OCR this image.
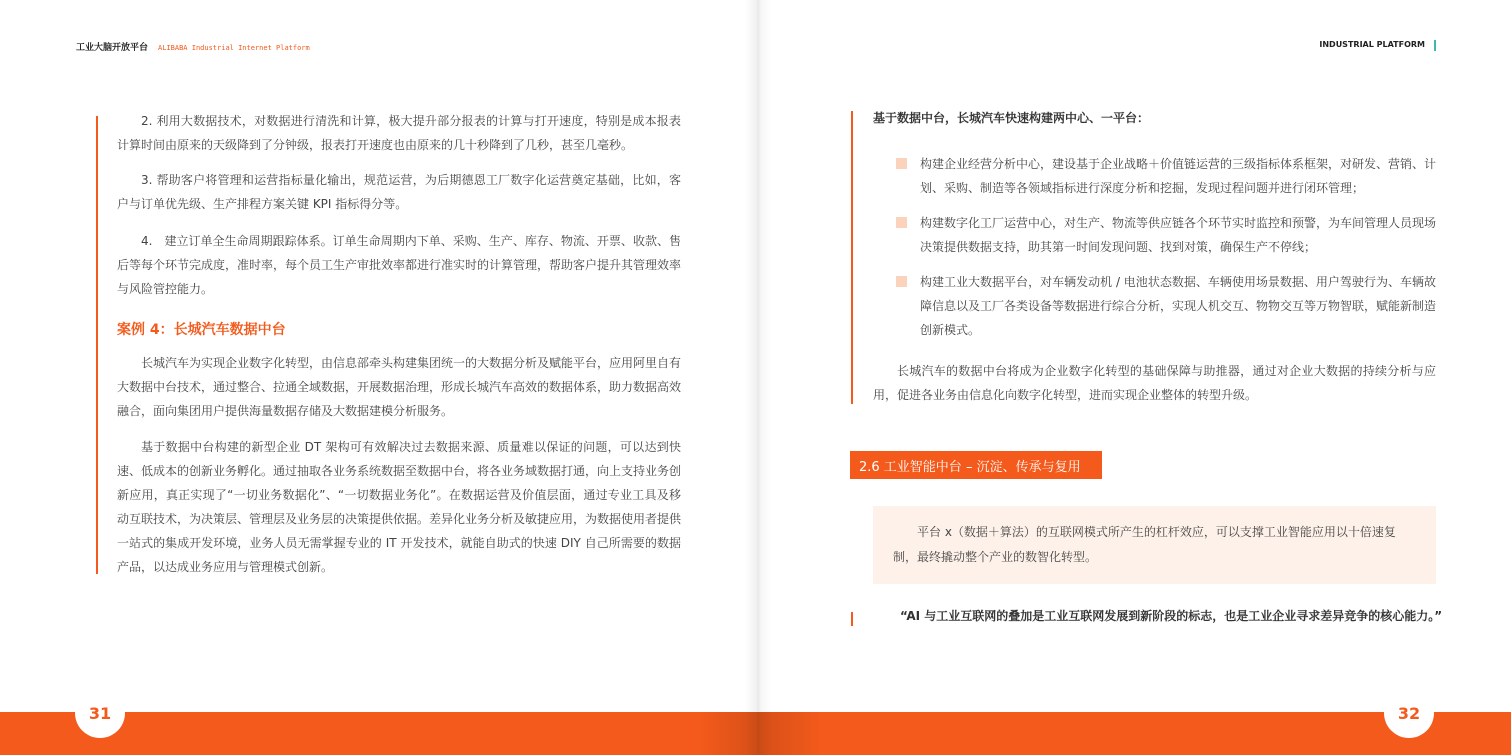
工业大脑开放平台 ALIBABA Industrial Internet Platform
2. 利用大数据技术，对数据进行清洗和计算，极大提升部分报表的计算与打开速度，特别是成本报表计算时间由原来的天级降到了分钟级，报表打开速度也由原来的几十秒降到了几秒，甚至几毫秒。
3. 帮助客户将管理和运营指标量化输出，规范运营，为后期德恩工厂数字化运营奠定基础，比如，客户与订单优先级、生产排程方案关键 KPI 指标得分等。
4.　建立订单全生命周期跟踪体系。订单生命周期内下单、采购、生产、库存、物流、开票、收款、售后等每个环节完成度，准时率，每个员工生产审批效率都进行准实时的计算管理，帮助客户提升其管理效率与风险管控能力。
案例 4：长城汽车数据中台
长城汽车为实现企业数字化转型，由信息部牵头构建集团统一的大数据分析及赋能平台，应用阿里自有大数据中台技术，通过整合、拉通全域数据，开展数据治理，形成长城汽车高效的数据体系，助力数据高效融合，面向集团用户提供海量数据存储及大数据建模分析服务。
基于数据中台构建的新型企业 DT 架构可有效解决过去数据来源、质量难以保证的问题，可以达到快速、低成本的创新业务孵化。通过抽取各业务系统数据至数据中台，将各业务域数据打通，向上支持业务创新应用，真正实现了“一切业务数据化”、“一切数据业务化”。在数据运营及价值层面，通过专业工具及移动互联技术，为决策层、管理层及业务层的决策提供依据。差异化业务分析及敏捷应用，为数据使用者提供一站式的集成开发环境，业务人员无需掌握专业的 IT 开发技术，就能自助式的快速 DIY 自己所需要的数据产品，以达成业务应用与管理模式创新。
INDUSTRIAL PLATFORM
基于数据中台，长城汽车快速构建两中心、一平台：
构建企业经营分析中心，建设基于企业战略＋价值链运营的三级指标体系框架，对研发、营销、计划、采购、制造等各领域指标进行深度分析和挖掘，发现过程问题并进行闭环管理；
构建数字化工厂运营中心，对生产、物流等供应链各个环节实时监控和预警，为车间管理人员现场决策提供数据支持，助其第一时间发现问题、找到对策，确保生产不停线；
构建工业大数据平台，对车辆发动机 / 电池状态数据、车辆使用场景数据、用户驾驶行为、车辆故障信息以及工厂各类设备等数据进行综合分析，实现人机交互、物物交互等万物智联，赋能新制造创新模式。
长城汽车的数据中台将成为企业数字化转型的基础保障与助推器，通过对企业大数据的持续分析与应用，促进各业务由信息化向数字化转型，进而实现企业整体的转型升级。
2.6 工业智能中台 – 沉淀、传承与复用
平台 x（数据＋算法）的互联网模式所产生的杠杆效应，可以支撑工业智能应用以十倍速复制，最终撬动整个产业的数智化转型。
“AI 与工业互联网的叠加是工业互联网发展到新阶段的标志，也是工业企业寻求差异竞争的核心能力。”
31	32
